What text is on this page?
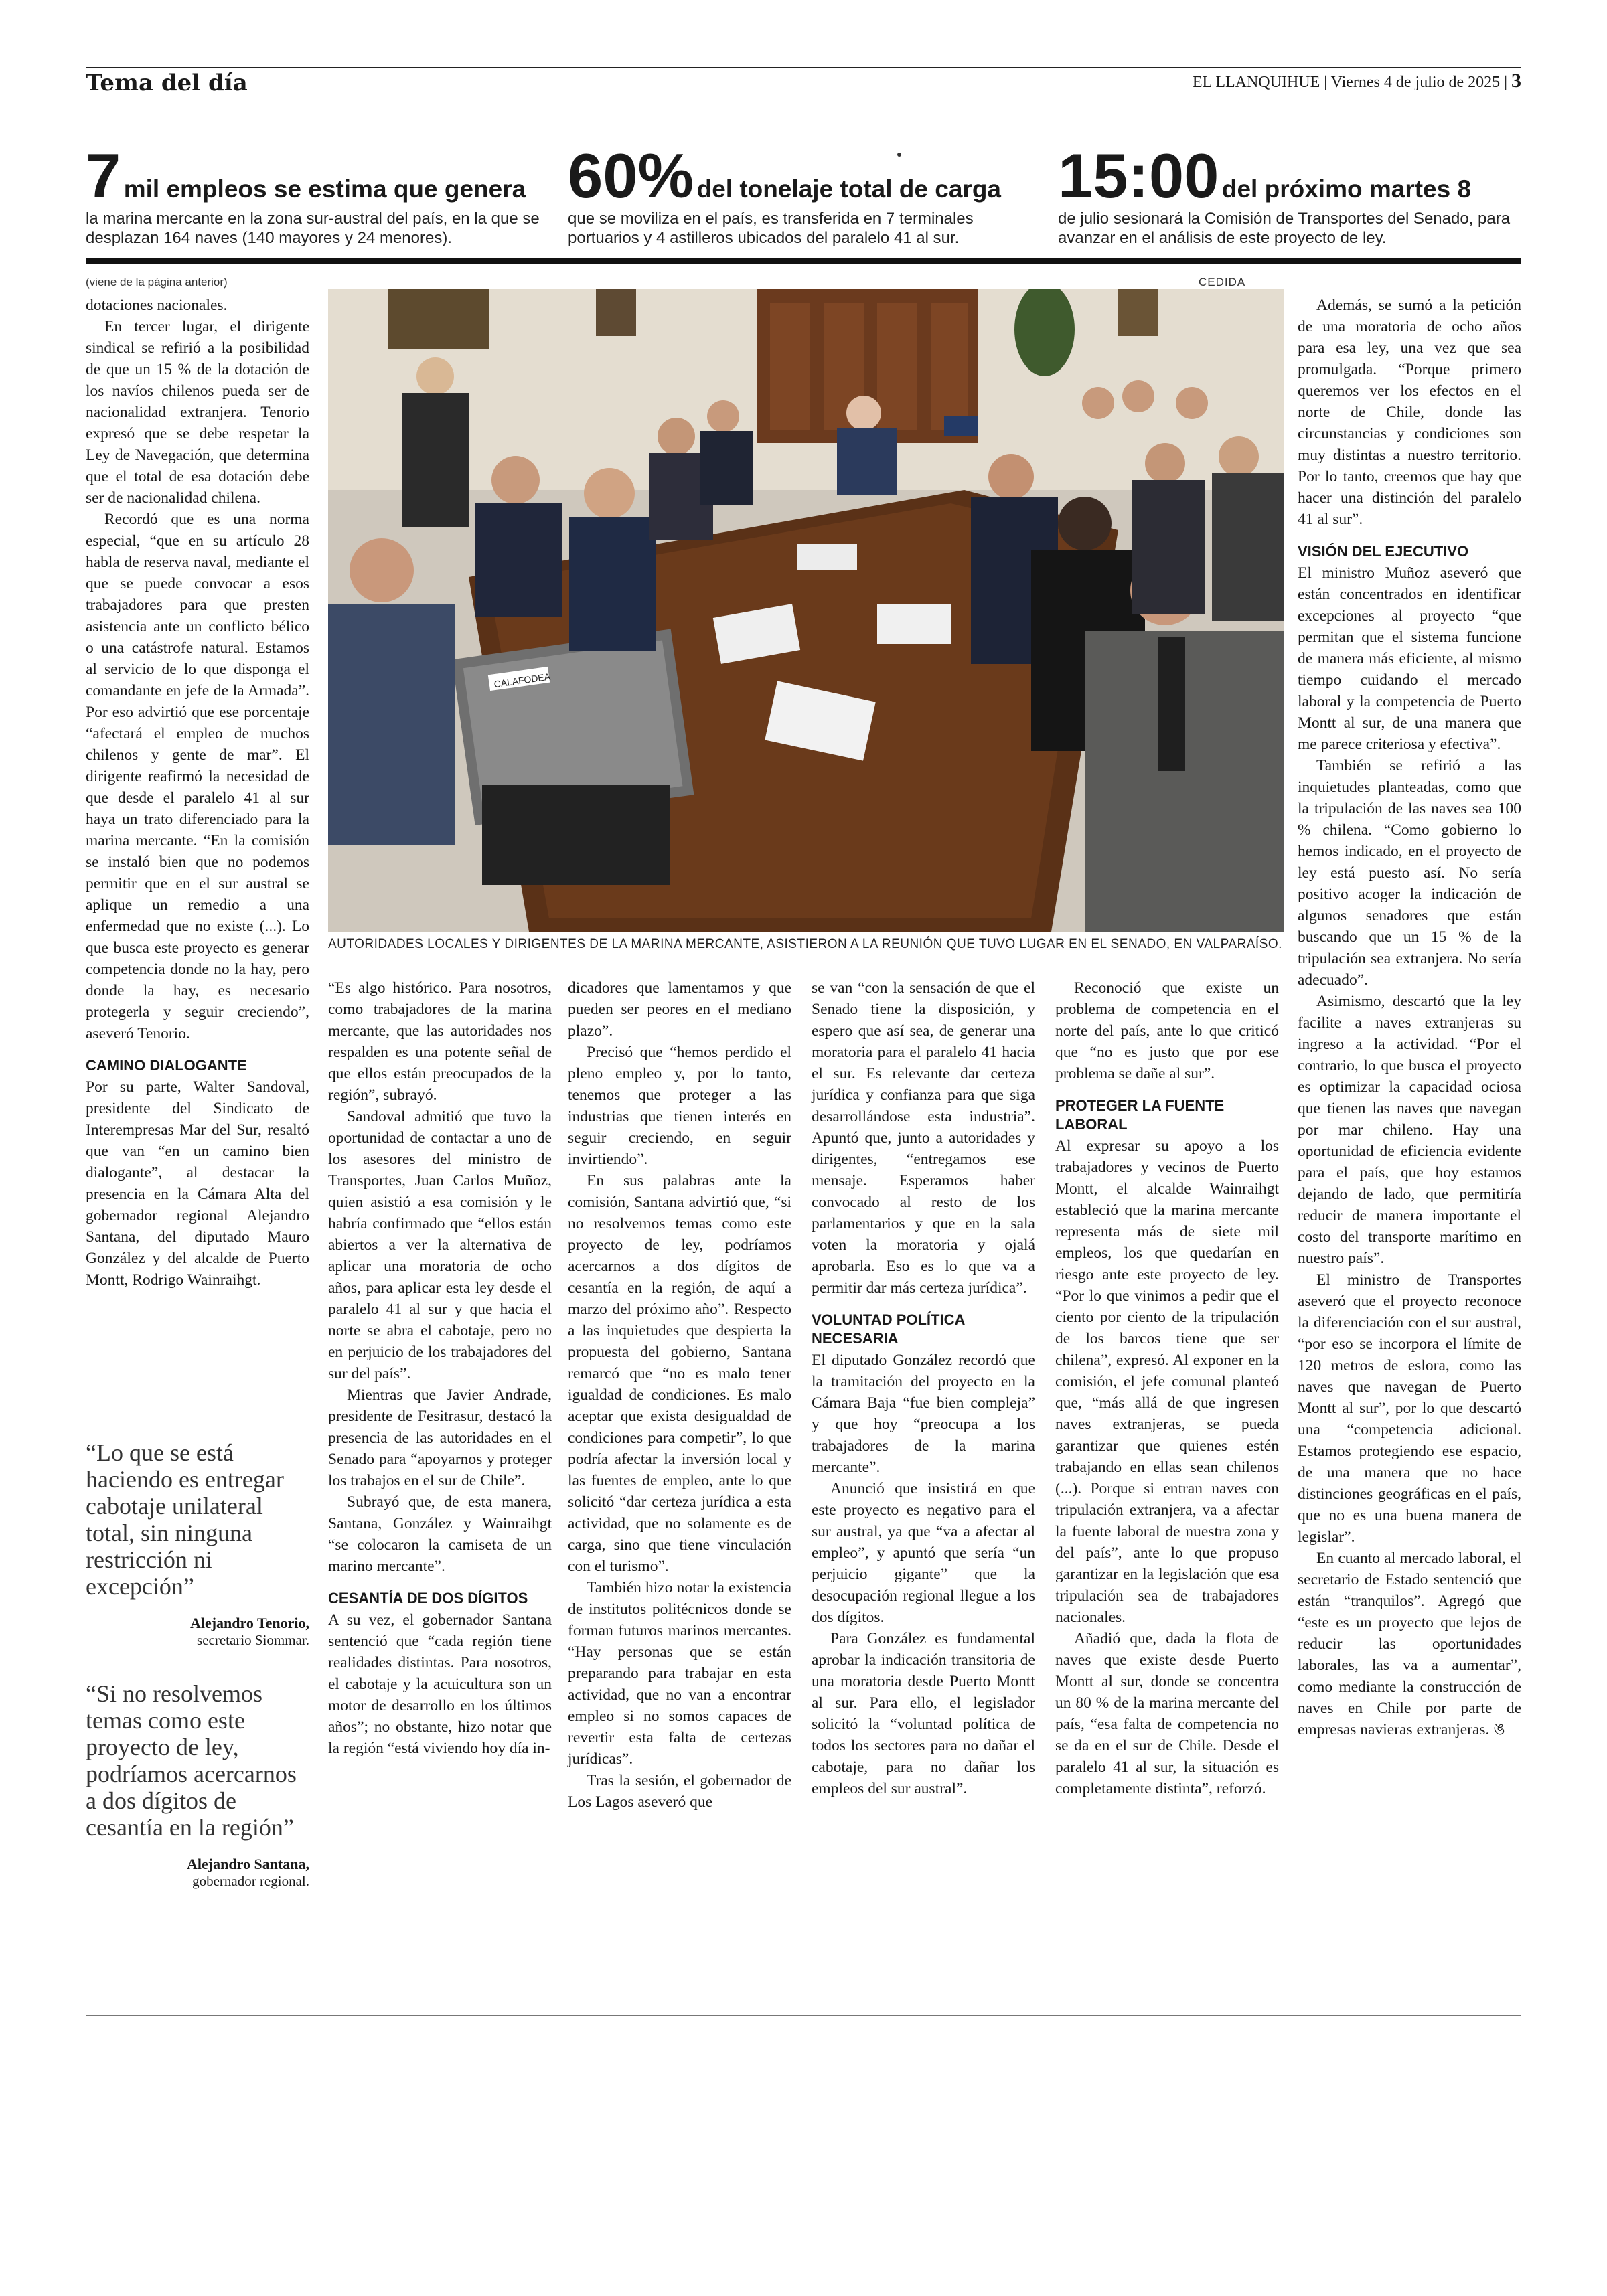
Tema del día	EL LLANQUIHUE | Viernes 4 de julio de 2025 | 3
7 mil empleos se estima que genera
la marina mercante en la zona sur-austral del país, en la que se desplazan 164 naves (140 mayores y 24 menores).
60% del tonelaje total de carga
que se moviliza en el país, es transferida en 7 terminales portuarios y 4 astilleros ubicados del paralelo 41 al sur.
15:00 del próximo martes 8
de julio sesionará la Comisión de Transportes del Senado, para avanzar en el análisis de este proyecto de ley.
(viene de la página anterior)	CEDIDA
CALAFODEA
AUTORIDADES LOCALES Y DIRIGENTES DE LA MARINA MERCANTE, ASISTIERON A LA REUNIÓN QUE TUVO LUGAR EN EL SENADO, EN VALPARAÍSO.

dotaciones nacionales.

En tercer lugar, el dirigente sindical se refirió a la posibilidad de que un 15 % de la dotación de los navíos chilenos pueda ser de nacionalidad extranjera. Tenorio expresó que se debe respetar la Ley de Navegación, que determina que el total de esa dotación debe ser de nacionalidad chilena.

Recordó que es una norma especial, “que en su artículo 28 habla de reserva naval, mediante el que se puede convocar a esos trabajadores para que presten asistencia ante un conflicto bélico o una catástrofe natural. Estamos al servicio de lo que disponga el comandante en jefe de la Armada”. Por eso advirtió que ese porcentaje “afectará el empleo de muchos chilenos y gente de mar”. El dirigente reafirmó la necesidad de que desde el paralelo 41 al sur haya un trato diferenciado para la marina mercante. “En la comisión se instaló bien que no podemos permitir que en el sur austral se aplique un remedio a una enfermedad que no existe (...). Lo que busca este proyecto es generar competencia donde no la hay, pero donde la hay, es necesario protegerla y seguir creciendo”, aseveró Tenorio.

CAMINO DIALOGANTE

Por su parte, Walter Sandoval, presidente del Sindicato de Interempresas Mar del Sur, resaltó que van “en un camino bien dialogante”, al destacar la presencia en la Cámara Alta del gobernador regional Alejandro Santana, del diputado Mauro González y del alcalde de Puerto Montt, Rodrigo Wainraihgt.

“Lo que se está haciendo es entregar cabotaje unilateral total, sin ninguna restricción ni excepción”
Alejandro Tenorio,
secretario Siommar.
“Si no resolvemos temas como este proyecto de ley, podríamos acercarnos a dos dígitos de cesantía en la región”
Alejandro Santana,
gobernador regional.

“Es algo histórico. Para nosotros, como trabajadores de la marina mercante, que las autoridades nos respalden es una potente señal de que ellos están preocupados de la región”, subrayó.

Sandoval admitió que tuvo la oportunidad de contactar a uno de los asesores del ministro de Transportes, Juan Carlos Muñoz, quien asistió a esa comisión y le habría confirmado que “ellos están abiertos a ver la alternativa de aplicar una moratoria de ocho años, para aplicar esta ley desde el paralelo 41 al sur y que hacia el norte se abra el cabotaje, pero no en perjuicio de los trabajadores del sur del país”.

Mientras que Javier Andrade, presidente de Fesitrasur, destacó la presencia de las autoridades en el Senado para “apoyarnos y proteger los trabajos en el sur de Chile”.

Subrayó que, de esta manera, Santana, González y Wainraihgt “se colocaron la camiseta de un marino mercante”.

CESANTÍA DE DOS DÍGITOS

A su vez, el gobernador Santana sentenció que “cada región tiene realidades distintas. Para nosotros, el cabotaje y la acuicultura son un motor de desarrollo en los últimos años”; no obstante, hizo notar que la región “está viviendo hoy día in-

dicadores que lamentamos y que pueden ser peores en el mediano plazo”.

Precisó que “hemos perdido el pleno empleo y, por lo tanto, tenemos que proteger a las industrias que tienen interés en seguir creciendo, en seguir invirtiendo”.

En sus palabras ante la comisión, Santana advirtió que, “si no resolvemos temas como este proyecto de ley, podríamos acercarnos a dos dígitos de cesantía en la región, de aquí a marzo del próximo año”. Respecto a las inquietudes que despierta la propuesta del gobierno, Santana remarcó que “no es malo tener igualdad de condiciones. Es malo aceptar que exista desigualdad de condiciones para competir”, lo que podría afectar la inversión local y las fuentes de empleo, ante lo que solicitó “dar certeza jurídica a esta actividad, que no solamente es de carga, sino que tiene vinculación con el turismo”.

También hizo notar la existencia de institutos politécnicos donde se forman futuros marinos mercantes. “Hay personas que se están preparando para trabajar en esta actividad, que no van a encontrar empleo si no somos capaces de revertir esta falta de certezas jurídicas”.

Tras la sesión, el gobernador de Los Lagos aseveró que

se van “con la sensación de que el Senado tiene la disposición, y espero que así sea, de generar una moratoria para el paralelo 41 hacia el sur. Es relevante dar certeza jurídica y confianza para que siga desarrollándose esta industria”. Apuntó que, junto a autoridades y dirigentes, “entregamos ese mensaje. Esperamos haber convocado al resto de los parlamentarios y que en la sala voten la moratoria y ojalá aprobarla. Eso es lo que va a permitir dar más certeza jurídica”.

VOLUNTAD POLÍTICA NECESARIA

El diputado González recordó que la tramitación del proyecto en la Cámara Baja “fue bien compleja” y que hoy “preocupa a los trabajadores de la marina mercante”.

Anunció que insistirá en que este proyecto es negativo para el sur austral, ya que “va a afectar al empleo”, y apuntó que sería “un perjuicio gigante” que la desocupación regional llegue a los dos dígitos.

Para González es fundamental aprobar la indicación transitoria de una moratoria desde Puerto Montt al sur. Para ello, el legislador solicitó la “voluntad política de todos los sectores para no dañar el cabotaje, para no dañar los empleos del sur austral”.

Reconoció que existe un problema de competencia en el norte del país, ante lo que criticó que “no es justo que por ese problema se dañe al sur”.

PROTEGER LA FUENTE LABORAL

Al expresar su apoyo a los trabajadores y vecinos de Puerto Montt, el alcalde Wainraihgt estableció que la marina mercante representa más de siete mil empleos, los que quedarían en riesgo ante este proyecto de ley. “Por lo que vinimos a pedir que el ciento por ciento de la tripulación de los barcos tiene que ser chilena”, expresó. Al exponer en la comisión, el jefe comunal planteó que, “más allá de que ingresen naves extranjeras, se pueda garantizar que quienes estén trabajando en ellas sean chilenos (...). Porque si entran naves con tripulación extranjera, va a afectar la fuente laboral de nuestra zona y del país”, ante lo que propuso garantizar en la legislación que esa tripulación sea de trabajadores nacionales.

Añadió que, dada la flota de naves que existe desde Puerto Montt al sur, donde se concentra un 80 % de la marina mercante del país, “esa falta de competencia no se da en el sur de Chile. Desde el paralelo 41 al sur, la situación es completamente distinta”, reforzó.

Además, se sumó a la petición de una moratoria de ocho años para esa ley, una vez que sea promulgada. “Porque primero queremos ver los efectos en el norte de Chile, donde las circunstancias y condiciones son muy distintas a nuestro territorio. Por lo tanto, creemos que hay que hacer una distinción del paralelo 41 al sur”.

VISIÓN DEL EJECUTIVO

El ministro Muñoz aseveró que están concentrados en identificar excepciones al proyecto “que permitan que el sistema funcione de manera más eficiente, al mismo tiempo cuidando el mercado laboral y la competencia de Puerto Montt al sur, de una manera que me parece criteriosa y efectiva”.

También se refirió a las inquietudes planteadas, como que la tripulación de las naves sea 100 % chilena. “Como gobierno lo hemos indicado, en el proyecto de ley está puesto así. No sería positivo acoger la indicación de algunos senadores que están buscando que un 15 % de la tripulación sea extranjera. No sería adecuado”.

Asimismo, descartó que la ley facilite a naves extranjeras su ingreso a la actividad. “Por el contrario, lo que busca el proyecto es optimizar la capacidad ociosa que tienen las naves que navegan por mar chileno. Hay una oportunidad de eficiencia evidente para el país, que hoy estamos dejando de lado, que permitiría reducir de manera importante el costo del transporte marítimo en nuestro país”.

El ministro de Transportes aseveró que el proyecto reconoce la diferenciación con el sur austral, “por eso se incorpora el límite de 120 metros de eslora, como las naves que navegan de Puerto Montt al sur”, por lo que descartó una “competencia adicional. Estamos protegiendo ese espacio, de una manera que no hace distinciones geográficas en el país, que no es una buena manera de legislar”.

En cuanto al mercado laboral, el secretario de Estado sentenció que están “tranquilos”. Agregó que “este es un proyecto que lejos de reducir las oportunidades laborales, las va a aumentar”, como mediante la construcción de naves en Chile por parte de empresas navieras extranjeras. ঙ
